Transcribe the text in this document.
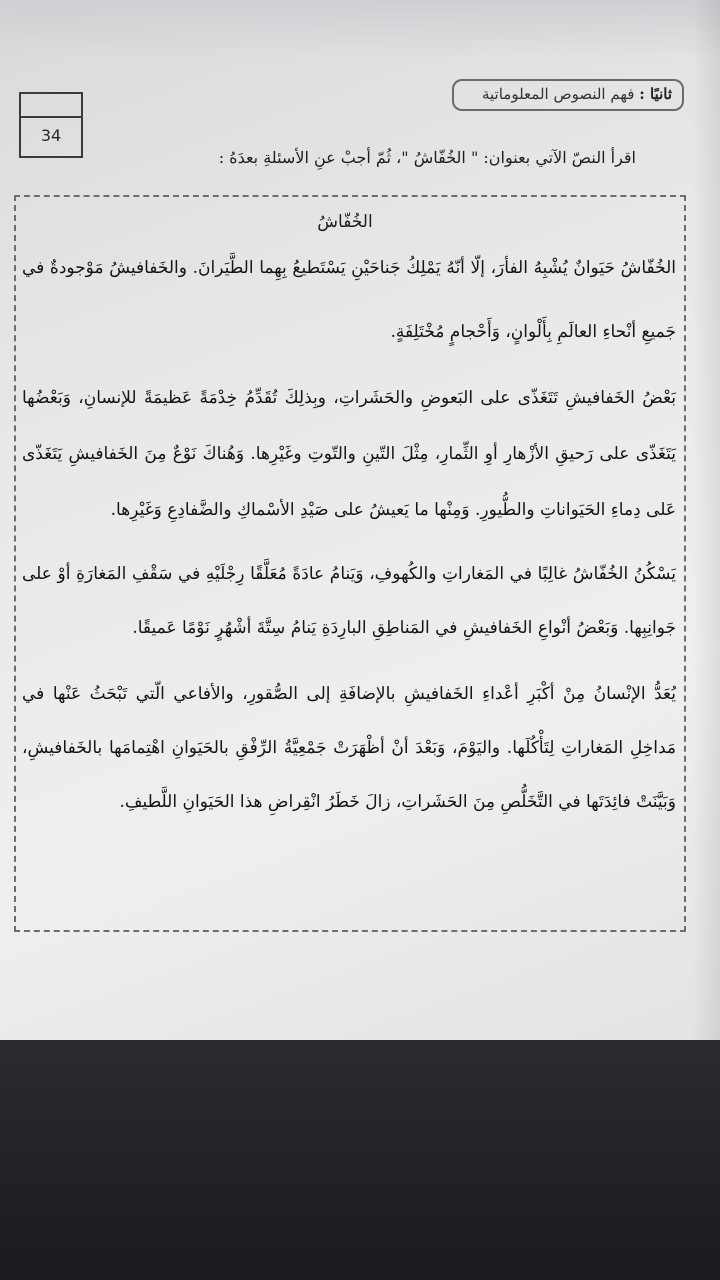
34
ثانيًا : فهم النصوص المعلوماتية
اقرأ النصّ الآتي بعنوان: " الخُفّاشُ "، ثُمّ أجبْ عنِ الأسئلةِ بعدَهُ :
الخُفّاشُ
الخُفّاشُ حَيَوانٌ يُشْبِهُ الفأرَ، إلّا أنّهُ يَمْلِكُ جَناحَيْنِ يَسْتَطيعُ بِهِما الطَّيَرانَ. والخَفافيشُ مَوْجودةٌ في
جَميعِ أنْحاءِ العالَمِ بِأَلْوانٍ، وَأَحْجامٍ مُخْتَلِفَةٍ.
بَعْضُ الخَفافيشِ تَتَغَذّى على البَعوضِ والحَشَراتِ، وبِذلِكَ تُقَدِّمُ خِدْمَةً عَظيمَةً للإنسانِ، وَبَعْضُها
يَتَغَذّى على رَحيقِ الأزْهارِ أوِ الثِّمارِ، مِثْلَ التّينِ والتّوتِ وغَيْرِها. وَهُناكَ نَوْعٌ مِنَ الخَفافيشِ يَتَغَذّى
عَلى دِماءِ الحَيَواناتِ والطُّيورِ. وَمِنْها ما يَعيشُ على صَيْدِ الأسْماكِ والضَّفادِعِ وَغَيْرِها.
يَسْكُنُ الخُفّاشُ غالِبًا في المَغاراتِ والكُهوفِ، وَيَنامُ عادَةً مُعَلَّقًا رِجْلَيْهِ في سَقْفِ المَغارَةِ أوْ على
جَوانِبِها. وَبَعْضُ أنْواعِ الخَفافيشِ في المَناطِقِ البارِدَةِ يَنامُ سِتَّةَ أشْهُرٍ نَوْمًا عَميقًا.
يُعَدُّ الإنْسانُ مِنْ أكْبَرِ أعْداءِ الخَفافيشِ بالإضافَةِ إلى الصُّقورِ، والأفاعي الّتي تَبْحَثُ عَنْها في
مَداخِلِ المَغاراتِ لِتَأْكُلَها. واليَوْمَ، وَبَعْدَ أنْ أظْهَرَتْ جَمْعِيَّةُ الرِّفْقِ بالحَيَوانِ اهْتِمامَها بالخَفافيشِ،
وَبَيَّنَتْ فائِدَتَها في التَّخَلُّصِ مِنَ الحَشَراتِ، زالَ خَطَرُ انْقِراضِ هذا الحَيَوانِ اللَّطيفِ.
